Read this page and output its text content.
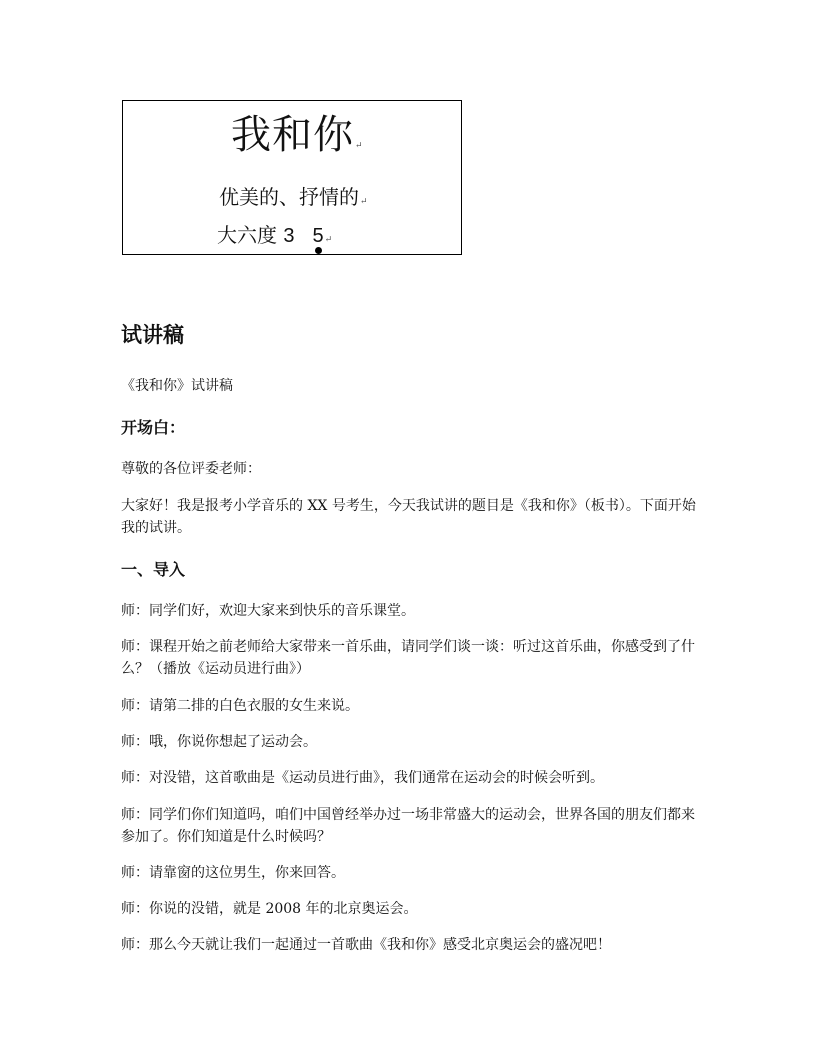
我和你↵
优美的、抒情的↵
大六度 3 5
↵
试讲稿
《我和你》试讲稿
开场白：
尊敬的各位评委老师：
大家好！我是报考小学音乐的 XX 号考生，今天我试讲的题目是《我和你》（板书）。下面开始我的试讲。
一、导入
师：同学们好，欢迎大家来到快乐的音乐课堂。
师：课程开始之前老师给大家带来一首乐曲，请同学们谈一谈：听过这首乐曲，你感受到了什么？（播放《运动员进行曲》）
师：请第二排的白色衣服的女生来说。
师：哦，你说你想起了运动会。
师：对没错，这首歌曲是《运动员进行曲》，我们通常在运动会的时候会听到。
师：同学们你们知道吗，咱们中国曾经举办过一场非常盛大的运动会，世界各国的朋友们都来参加了。你们知道是什么时候吗？
师：请靠窗的这位男生，你来回答。
师：你说的没错，就是 2008 年的北京奥运会。
师：那么今天就让我们一起通过一首歌曲《我和你》感受北京奥运会的盛况吧！
